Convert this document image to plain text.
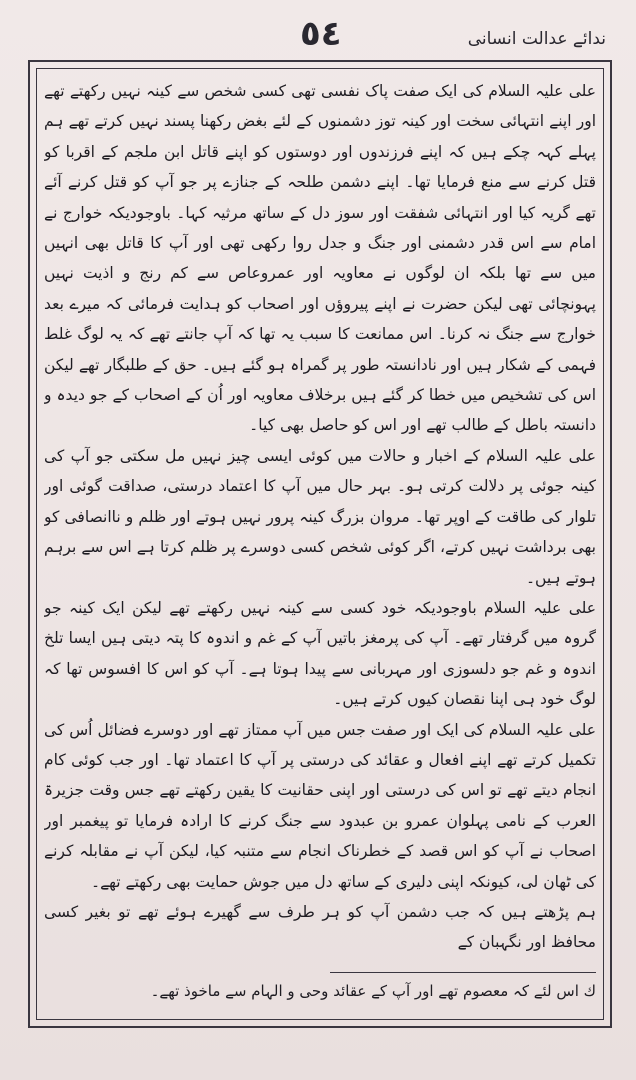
٥٤	ندائے عدالت انسانی

علی علیہ السلام کی ایک صفت پاک نفسی تھی کسی شخص سے کینہ نہیں رکھتے تھے اور اپنے انتہائی سخت اور کینہ توز دشمنوں کے لئے بغض رکھنا پسند نہیں کرتے تھے ہم پہلے کہہ چکے ہیں کہ اپنے فرزندوں اور دوستوں کو اپنے قاتل ابن ملجم کے اقربا کو قتل کرنے سے منع فرمایا تھا۔ اپنے دشمن طلحہ کے جنازے پر جو آپ کو قتل کرنے آئے تھے گریہ کیا اور انتہائی شفقت اور سوز دل کے ساتھ مرثیہ کہا۔ باوجودیکہ خوارج نے امام سے اس قدر دشمنی اور جنگ و جدل روا رکھی تھی اور آپ کا قاتل بھی انہیں میں سے تھا بلکہ ان لوگوں نے معاویہ اور عمروعاص سے کم رنج و اذیت نہیں پہونچائی تھی لیکن حضرت نے اپنے پیروؤں اور اصحاب کو ہدایت فرمائی کہ میرے بعد خوارج سے جنگ نہ کرنا۔ اس ممانعت کا سبب یہ تھا کہ آپ جانتے تھے کہ یہ لوگ غلط فہمی کے شکار ہیں اور نادانستہ طور پر گمراہ ہو گئے ہیں۔ حق کے طلبگار تھے لیکن اس کی تشخیص میں خطا کر گئے ہیں برخلاف معاویہ اور اُن کے اصحاب کے جو دیدہ و دانستہ باطل کے طالب تھے اور اس کو حاصل بھی کیا۔

علی علیہ السلام کے اخبار و حالات میں کوئی ایسی چیز نہیں مل سکتی جو آپ کی کینہ جوئی پر دلالت کرتی ہو۔ بہر حال میں آپ کا اعتماد درستی، صداقت گوئی اور تلوار کی طاقت کے اوپر تھا۔ مروان بزرگ کینہ پرور نہیں ہوتے اور ظلم و ناانصافی کو بھی برداشت نہیں کرتے، اگر کوئی شخص کسی دوسرے پر ظلم کرتا ہے اس سے برہم ہوتے ہیں۔

علی علیہ السلام باوجودیکہ خود کسی سے کینہ نہیں رکھتے تھے لیکن ایک کینہ جو گروہ میں گرفتار تھے۔ آپ کی پرمغز باتیں آپ کے غم و اندوہ کا پتہ دیتی ہیں ایسا تلخ اندوہ و غم جو دلسوزی اور مہربانی سے پیدا ہوتا ہے۔ آپ کو اس کا افسوس تھا کہ لوگ خود ہی اپنا نقصان کیوں کرتے ہیں۔

علی علیہ السلام کی ایک اور صفت جس میں آپ ممتاز تھے اور دوسرے فضائل اُس کی تکمیل کرتے تھے اپنے افعال و عقائد کی درستی پر آپ کا اعتماد تھا۔ اور جب کوئی کام انجام دیتے تھے تو اس کی درستی اور اپنی حقانیت کا یقین رکھتے تھے جس وقت جزیرۃ العرب کے نامی پہلوان عمرو بن عبدود سے جنگ کرنے کا ارادہ فرمایا تو پیغمبر اور اصحاب نے آپ کو اس قصد کے خطرناک انجام سے متنبہ کیا، لیکن آپ نے مقابلہ کرنے کی ٹھان لی، کیونکہ اپنی دلیری کے ساتھ دل میں جوش حمایت بھی رکھتے تھے۔

ہم پڑھتے ہیں کہ جب دشمن آپ کو ہر طرف سے گھیرے ہوئے تھے تو بغیر کسی محافظ اور نگہبان کے

ك اس لئے کہ معصوم تھے اور آپ کے عقائد وحی و الہام سے ماخوذ تھے۔
